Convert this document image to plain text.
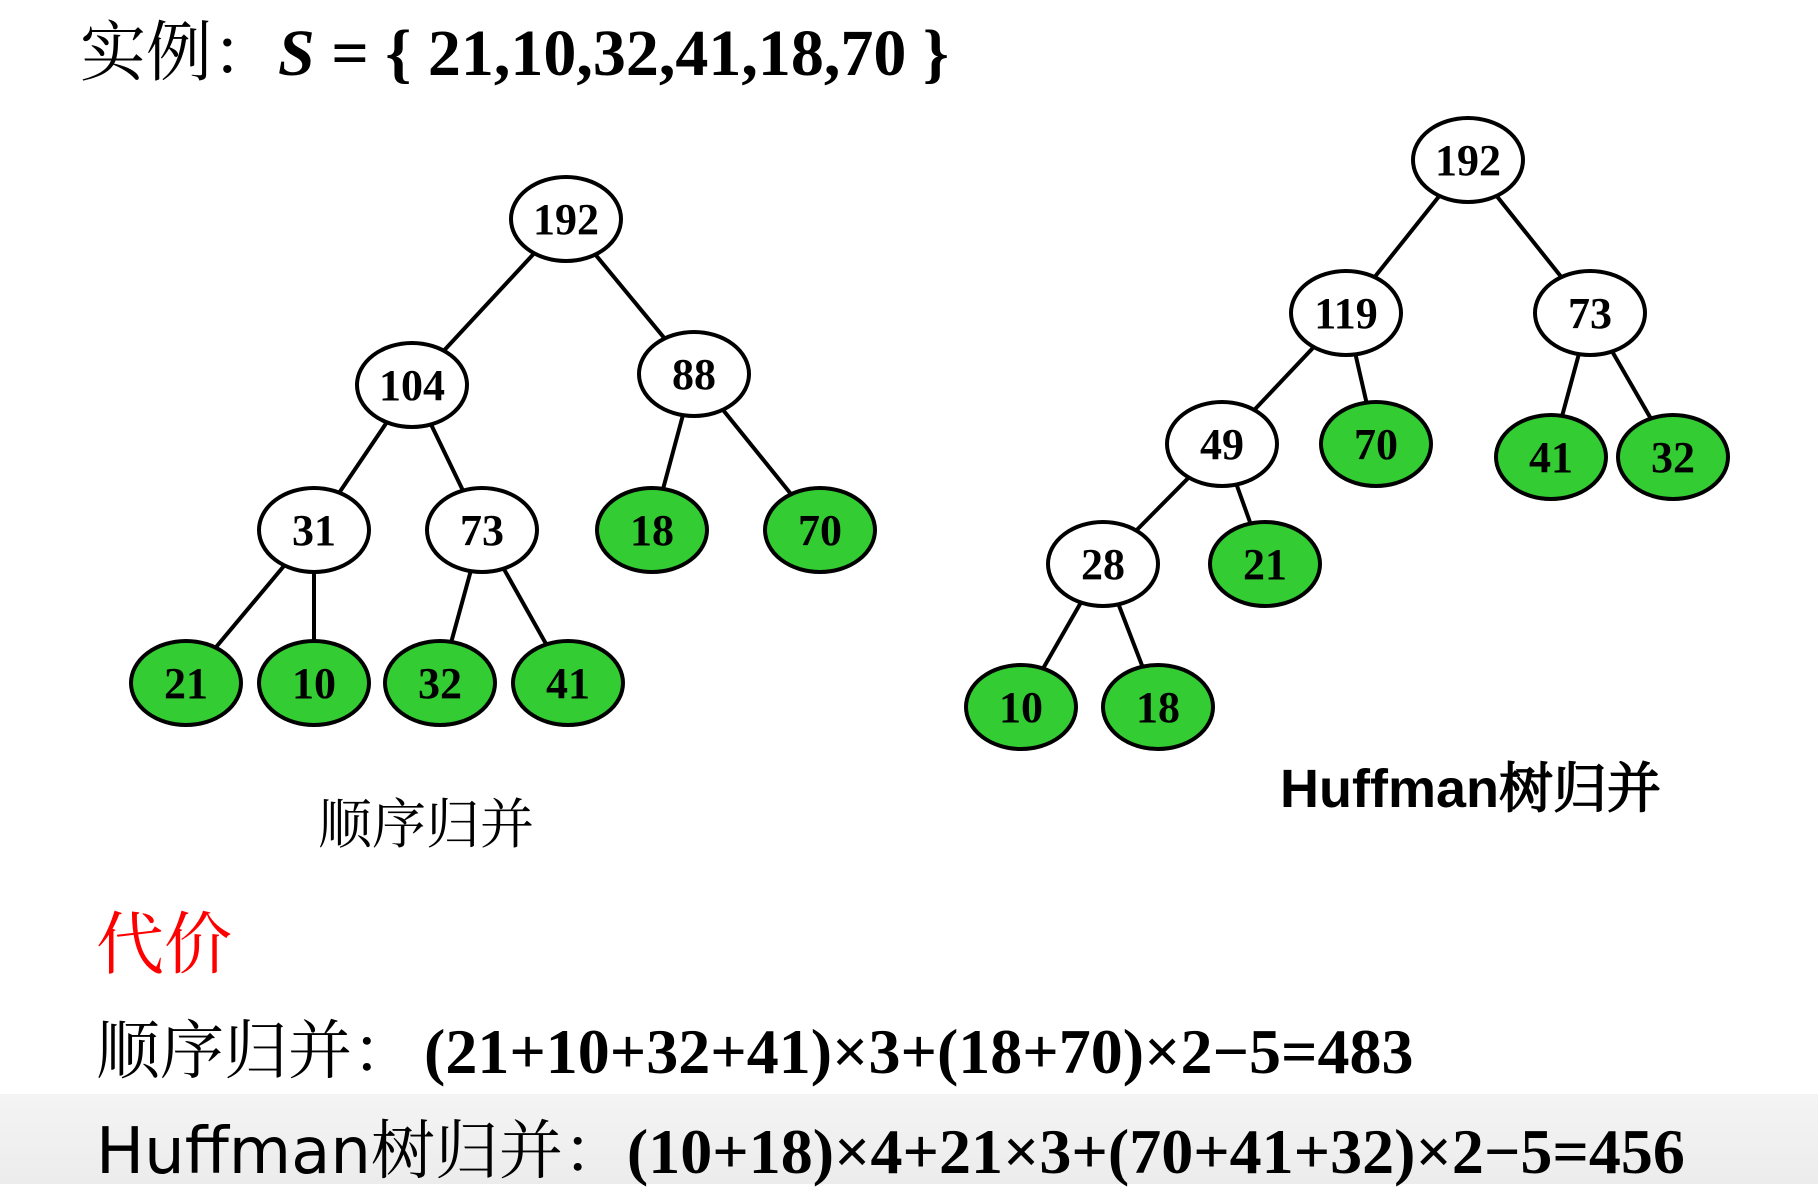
实例：S = { 21,10,32,41,18,70 }
192
104	88
31	73	18	70
21 10 32 41
192
119	73
49	70	41 32
28	21
10 18
顺序归并
Huffman树归并
代价
顺序归并： (21+10+32+41)×3+(18+70)×2−5=483
Huffman树归并：(10+18)×4+21×3+(70+41+32)×2−5=456
